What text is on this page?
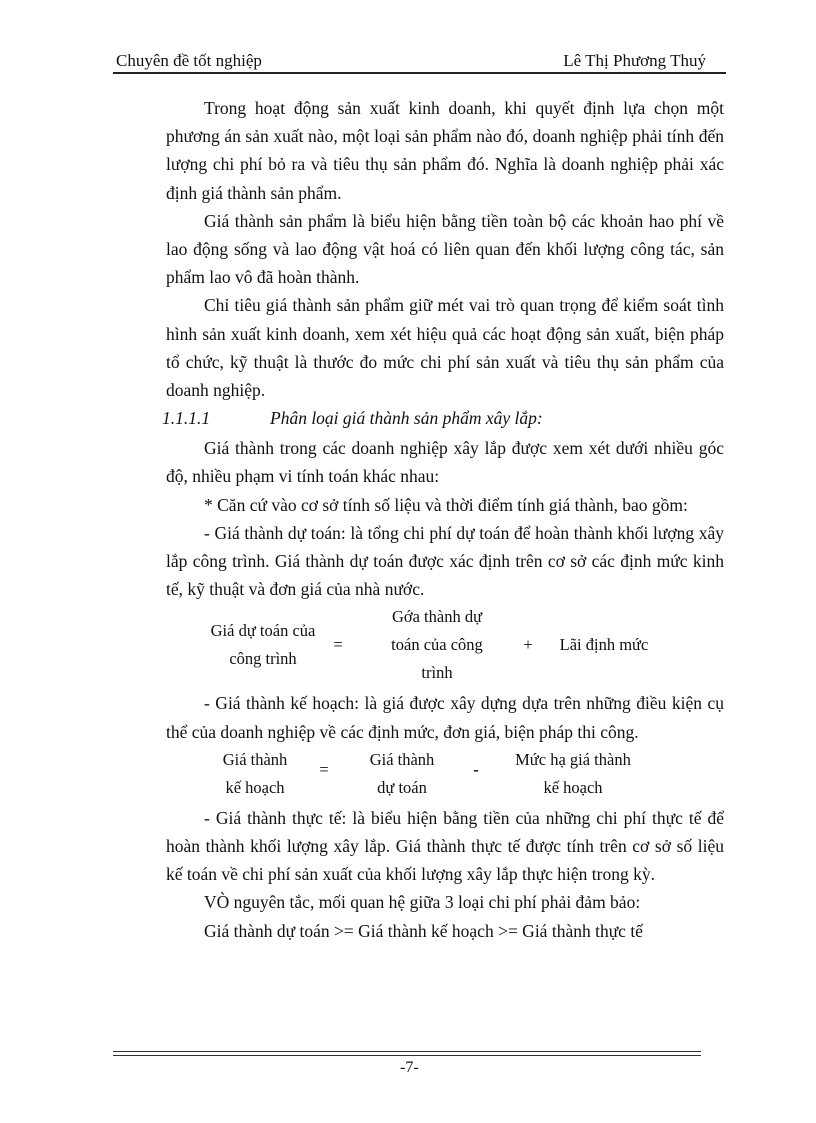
Chuyên đề tốt nghiệp	Lê Thị Phương Thuý

Trong hoạt động sản xuất kinh doanh, khi quyết định lựa chọn một phương án sản xuất nào, một loại sản phẩm nào đó, doanh nghiệp phải tính đến lượng chi phí bỏ ra và tiêu thụ sản phẩm đó. Nghĩa là doanh nghiệp phải xác định giá thành sản phẩm.

Giá thành sản phẩm là biểu hiện bằng tiền toàn bộ các khoản hao phí về lao động sống và lao động vật hoá có liên quan đến khối lượng công tác, sản phẩm lao vô đã hoàn thành.

Chỉ tiêu giá thành sản phẩm giữ mét vai trò quan trọng để kiểm soát tình hình sản xuất kinh doanh, xem xét hiệu quả các hoạt động sản xuất, biện pháp tổ chức, kỹ thuật là thước đo mức chi phí sản xuất và tiêu thụ sản phẩm của doanh nghiệp.

1.1.1.1	Phân loại giá thành sản phẩm xây lắp:

Giá thành trong các doanh nghiệp xây lắp được xem xét dưới nhiều góc độ, nhiều phạm vi tính toán khác nhau:

* Căn cứ vào cơ sở tính số liệu và thời điểm tính giá thành, bao gồm:

- Giá thành dự toán: là tổng chi phí dự toán để hoàn thành khối lượng xây lắp công trình. Giá thành dự toán được xác định trên cơ sở các định mức kinh tế, kỹ thuật và đơn giá của nhà nước.

Giá dự toán của
công trình
=
Gớa thành dự
toán của công
trình
+	Lãi định mức

- Giá thành kế hoạch: là giá được xây dựng dựa trên những điều kiện cụ thể của doanh nghiệp về các định mức, đơn giá, biện pháp thi công.

Giá thành
kế hoạch
=
Giá thành
dự toán
-
Mức hạ giá thành
kế hoạch

- Giá thành thực tế: là biểu hiện bằng tiền của những chi phí thực tế để hoàn thành khối lượng xây lắp. Giá thành thực tế được tính trên cơ sở số liệu kế toán về chi phí sản xuất của khối lượng xây lắp thực hiện trong kỳ.

VÒ nguyên tắc, mối quan hệ giữa 3 loại chi phí phải đảm bảo:

Giá thành dự toán >= Giá thành kế hoạch >= Giá thành thực tế

-7-
